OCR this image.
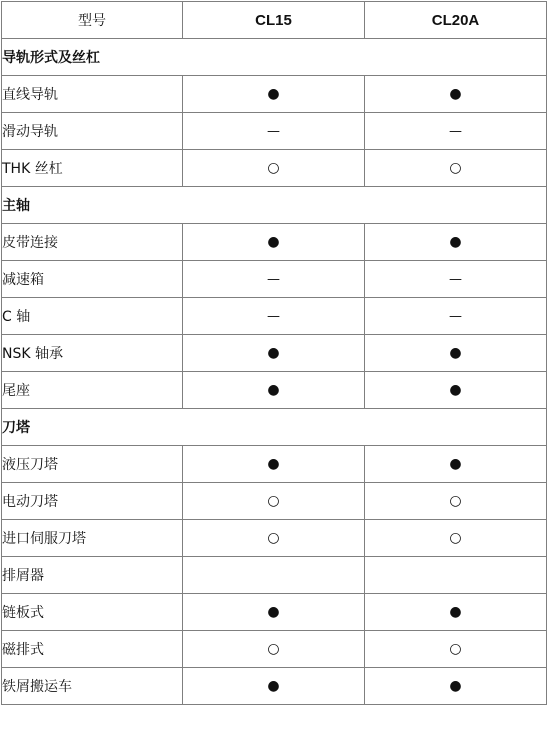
型号	CL15	CL20A
导轨形式及丝杠		
直线导轨	●	●
滑动导轨	—	—
THK 丝杠	○	○
主轴		
皮带连接	●	●
减速箱	—	—
C 轴	—	—
NSK 轴承	●	●
尾座	●	●
刀塔		
液压刀塔	●	●
电动刀塔	○	○
进口伺服刀塔	○	○
排屑器		
链板式	●	●
磁排式	○	○
铁屑搬运车	●	●
